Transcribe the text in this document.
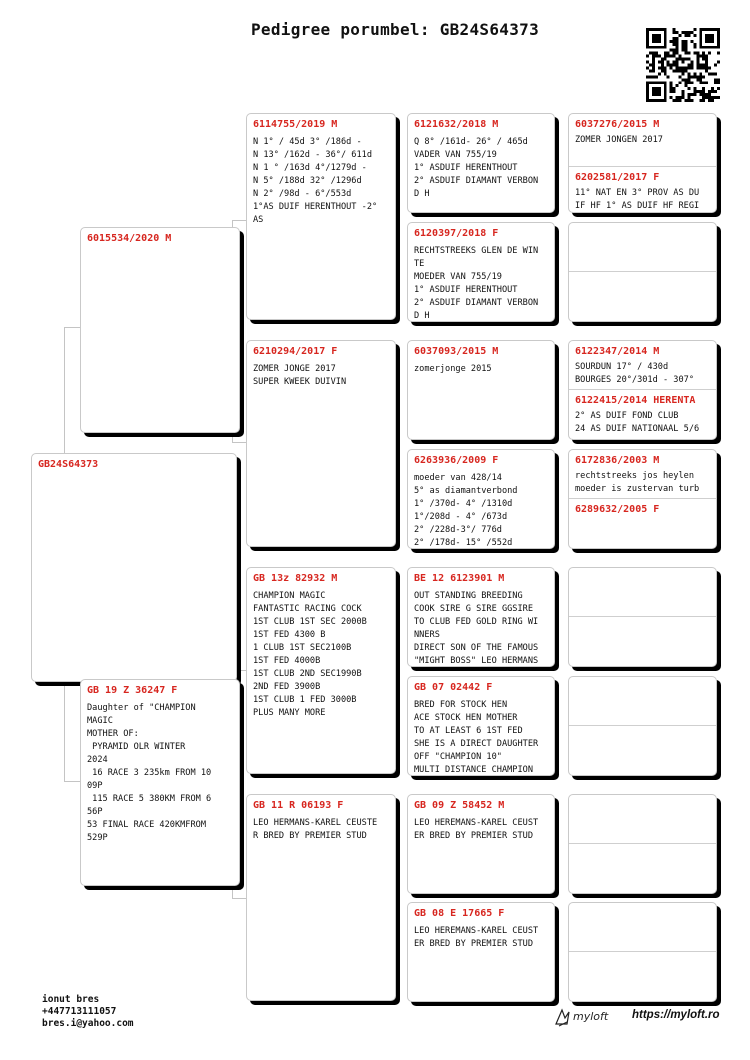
Pedigree porumbel: GB24S64373
GB24S64373
6015534/2020 M
GB 19 Z 36247 F
Daughter of "CHAMPION
MAGIC
MOTHER OF:
PYRAMID OLR WINTER
2024
16 RACE 3 235km FROM 10
09P
115 RACE 5 380KM FROM 6
56P
53 FINAL RACE 420KMFROM
529P
6114755/2019 M
N 1° / 45d 3° /186d -
N 13° /162d - 36°/ 611d
N 1 ° /163d 4°/1279d -
N 5° /188d 32° /1296d
N 2° /98d - 6°/553d
1°AS DUIF HERENTHOUT -2°
AS
6210294/2017 F
ZOMER JONGE 2017
SUPER KWEEK DUIVIN
GB 13z 82932 M
CHAMPION MAGIC
FANTASTIC RACING COCK
1ST CLUB 1ST SEC 2000B
1ST FED 4300 B
1 CLUB 1ST SEC2100B
1ST FED 4000B
1ST CLUB 2ND SEC1990B
2ND FED 3900B
1ST CLUB 1 FED 3000B
PLUS MANY MORE
GB 11 R 06193 F
LEO HERMANS-KAREL CEUSTE
R BRED BY PREMIER STUD
6121632/2018 M
Q 8° /161d- 26° / 465d
VADER VAN 755/19
1° ASDUIF HERENTHOUT
2° ASDUIF DIAMANT VERBON
D H
6120397/2018 F
RECHTSTREEKS GLEN DE WIN
TE
MOEDER VAN 755/19
1° ASDUIF HERENTHOUT
2° ASDUIF DIAMANT VERBON
D H
6037093/2015 M
zomerjonge 2015
6263936/2009 F
moeder van 428/14
5° as diamantverbond
1° /370d- 4° /1310d
1°/208d - 4° /673d
2° /228d-3°/ 776d
2° /178d- 15° /552d
BE 12 6123901 M
OUT STANDING BREEDING
COOK SIRE G SIRE GGSIRE
TO CLUB FED GOLD RING WI
NNERS
DIRECT SON OF THE FAMOUS
"MIGHT BOSS" LEO HERMANS
GB 07 02442 F
BRED FOR STOCK HEN
ACE STOCK HEN MOTHER
TO AT LEAST 6 1ST FED
SHE IS A DIRECT DAUGHTER
OFF "CHAMPION 10"
MULTI DISTANCE CHAMPION
GB 09 Z 58452 M
LEO HEREMANS-KAREL CEUST
ER BRED BY PREMIER STUD
GB 08 E 17665 F
LEO HEREMANS-KAREL CEUST
ER BRED BY PREMIER STUD
6037276/2015 M
ZOMER JONGEN 2017
6202581/2017 F
11° NAT EN 3° PROV AS DU
IF HF 1° AS DUIF HF REGI
6122347/2014 M
SOURDUN 17° / 430d
BOURGES 20°/301d - 307°
6122415/2014 HERENTA
2° AS DUIF FOND CLUB
24 AS DUIF NATIONAAL 5/6
6172836/2003 M
rechtstreeks jos heylen
moeder is zustervan turb
6289632/2005 F
ionut bres
+447713111057
bres.i@yahoo.com
myloft https://myloft.ro
